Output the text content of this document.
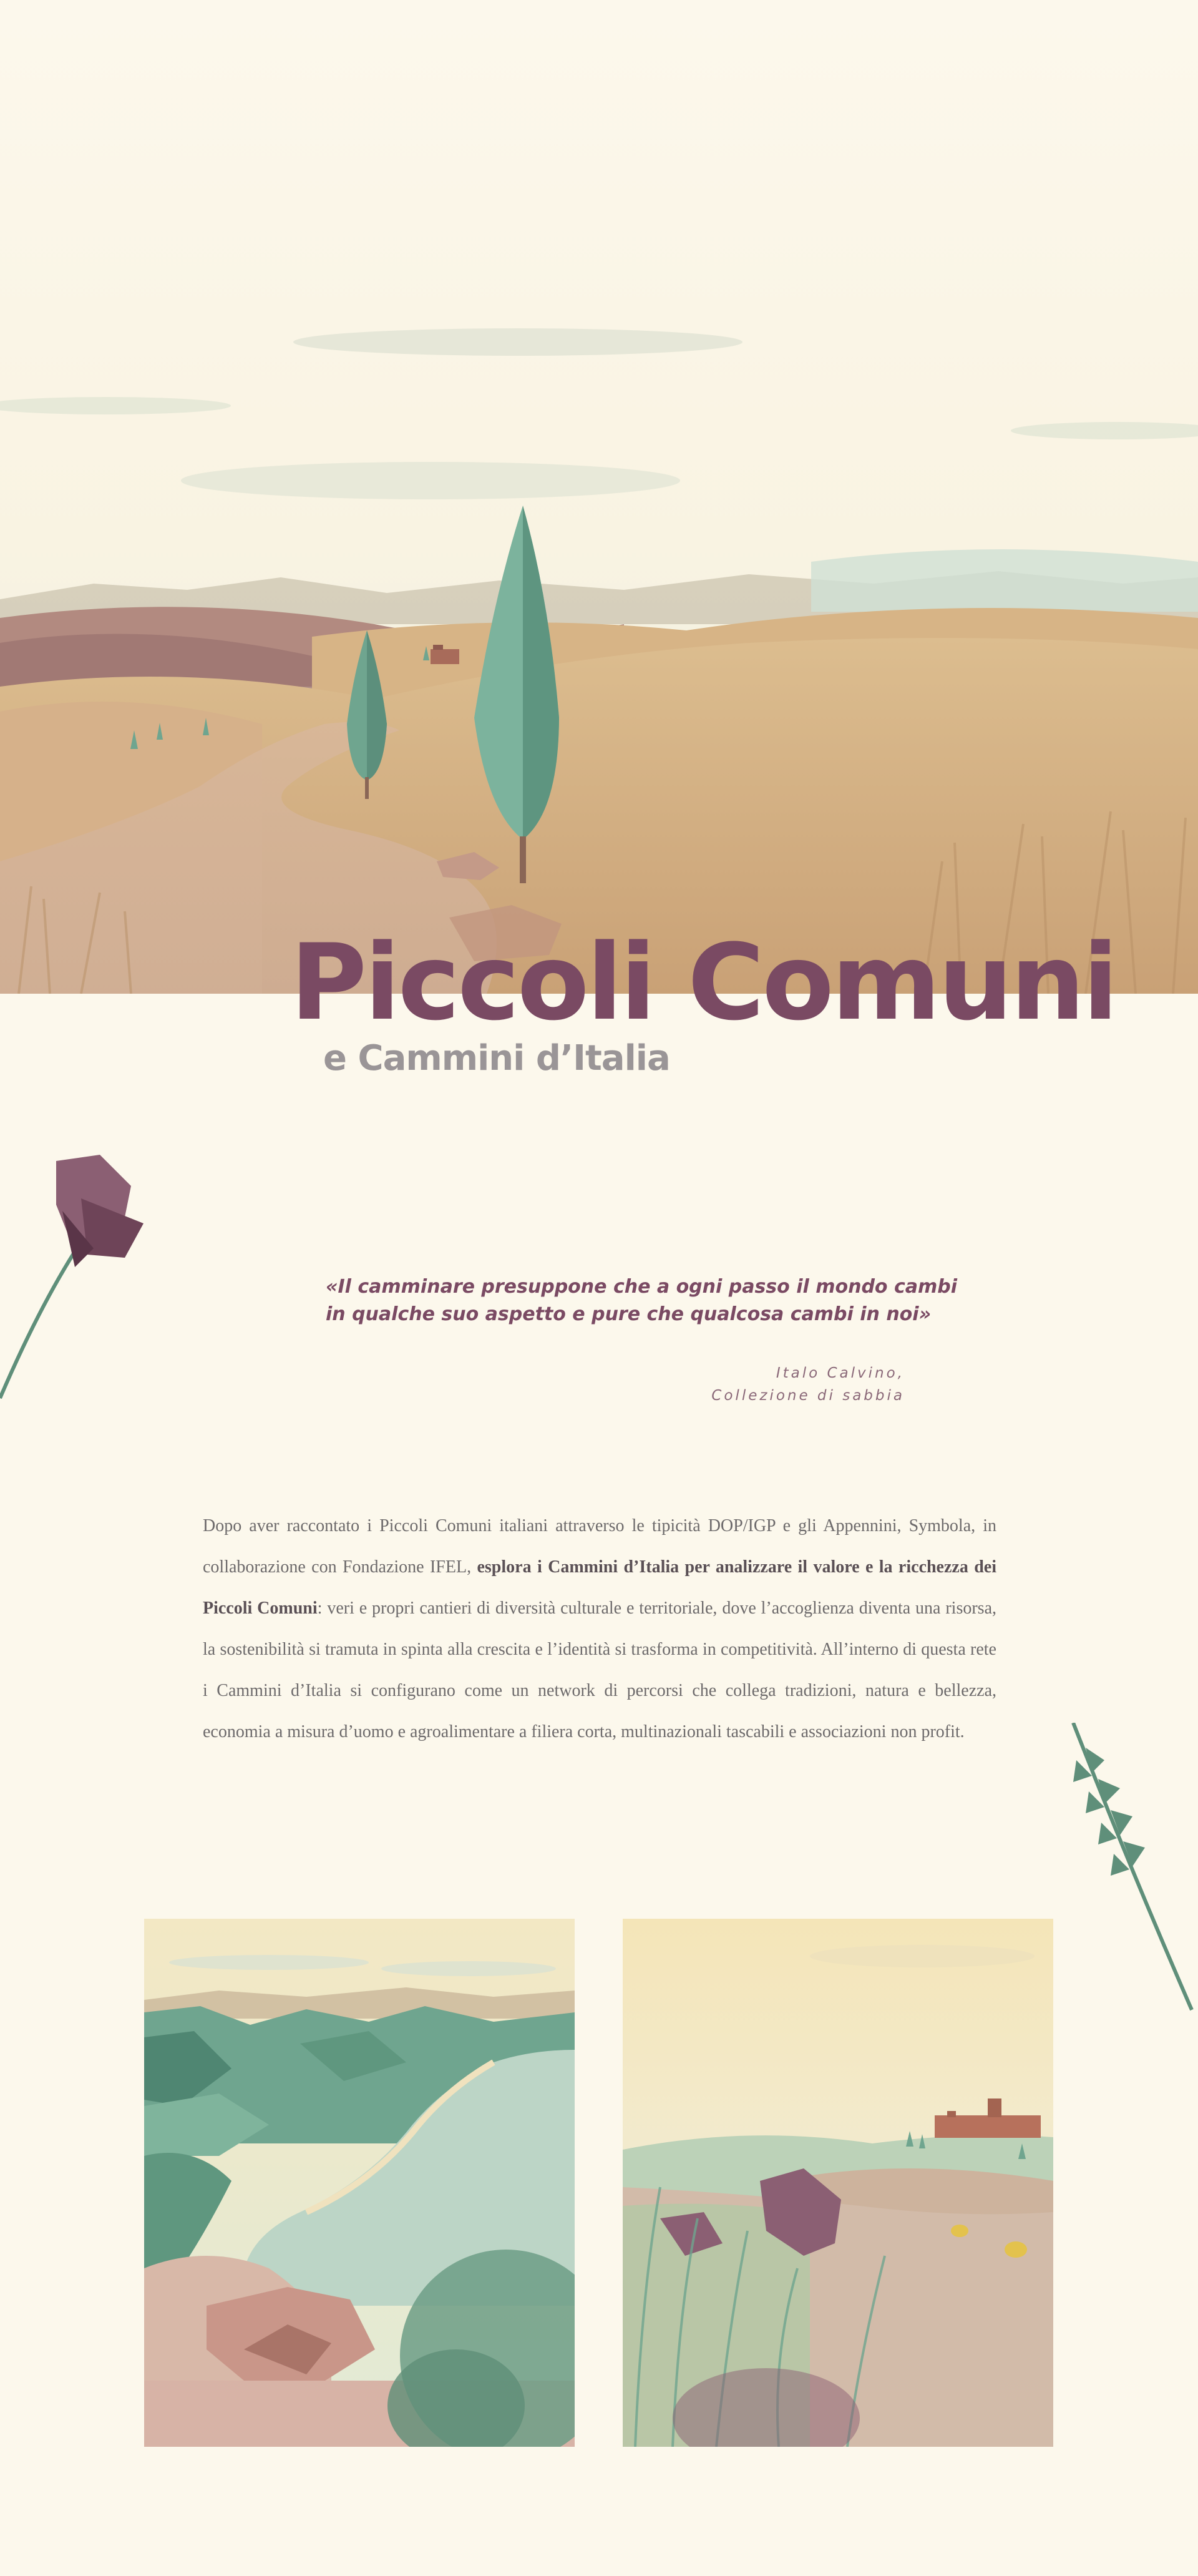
Piccoli Comuni
e Cammini d’Italia
«Il camminare presuppone che a ogni passo il mondo cambi
in qualche suo aspetto e pure che qualcosa cambi in noi»
Italo Calvino,
Collezione di sabbia
Dopo aver raccontato i Piccoli Comuni italiani attraverso le tipicità DOP/IGP e gli Appennini, Symbola, in collaborazione con Fondazione IFEL, esplora i Cammini d’Italia per analizzare il valore e la ricchezza dei Piccoli Comuni: veri e propri cantieri di diversità culturale e territoriale, dove l’accoglienza diventa una risorsa, la sostenibilità si tramuta in spinta alla crescita e l’identità si trasforma in competitività. All’interno di questa rete i Cammini d’Italia si configurano come un network di percorsi che collega tradizioni, natura e bellezza, economia a misura d’uomo e agroalimentare a filiera corta, multinazionali tascabili e associazioni non profit.
